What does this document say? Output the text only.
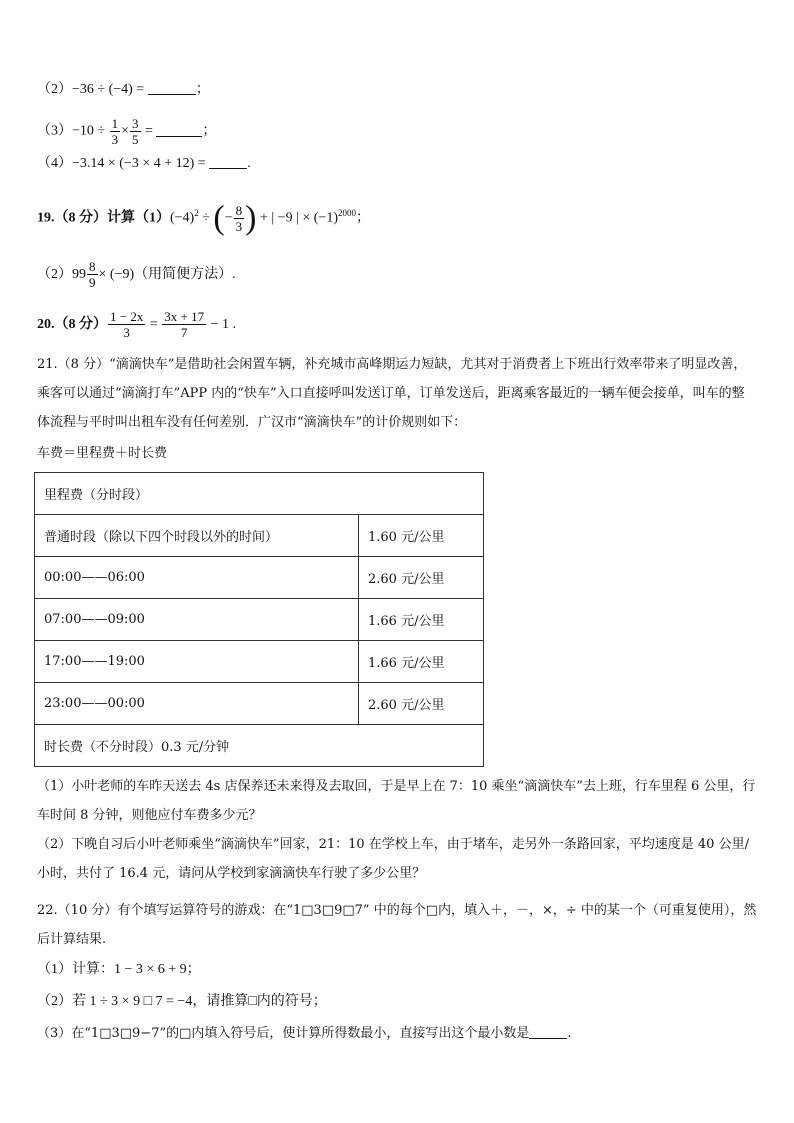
（2）−36 ÷ (−4) =	；
$(3)-10 \div \frac{1}{3} \times \frac{3}{5}$ =	；
（4）−3.14 × (−3 × 4 + 12) =	.
19.（8 分）计算$(1)(-4)^2$ ÷ (− $\frac{8}{3}$ ) + | −9 | × $(-1)^{2000}$；
$(2)99 \frac{8}{9} \times (-9)$（用简便方法）.
20.（8 分） $\frac{1 - 2x}{3} = \frac{3x + 17}{7} - 1$ .
21.（8 分）“滴滴快车”是借助社会闲置车辆，补充城市高峰期运力短缺，尤其对于消费者上下班出行效率带来了明显改善，乘客可以通过“滴滴打车”APP 内的“快车”入口直接呼叫发送订单，订单发送后，距离乘客最近的一辆车便会接单，叫车的整体流程与平时叫出租车没有任何差别．广汉市“滴滴快车”的计价规则如下：
车费＝里程费＋时长费
里程费（分时段）	
普通时段（除以下四个时段以外的时间）	1.60 元/公里
00:00——06:00	2.60 元/公里
07:00——09:00	1.66 元/公里
17:00——19:00	1.66 元/公里
23:00——00:00	2.60 元/公里
时长费（不分时段）0.3 元/分钟	
（1）小叶老师的车昨天送去 4s 店保养还未来得及去取回，于是早上在 7：10 乘坐“滴滴快车”去上班，行车里程 6 公里，行车时间 8 分钟，则他应付车费多少元？
（2）下晚自习后小叶老师乘坐“滴滴快车”回家，21：10 在学校上车，由于堵车，走另外一条路回家，平均速度是 40 公里/小时，共付了 16.4 元，请问从学校到家滴滴快车行驶了多少公里？
22.（10 分）有个填写运算符号的游戏：在“1□3□9□7” 中的每个□内，填入＋，－，×，÷ 中的某一个（可重复使用），然后计算结果.
（1）计算：1 − 3 × 6 + 9；
（2）若 1 ÷ 3 × 9 □ 7 = −4，请推算□内的符号；
（3）在“1□3□9−7”的□内填入符号后，使计算所得数最小，直接写出这个最小数是	.
